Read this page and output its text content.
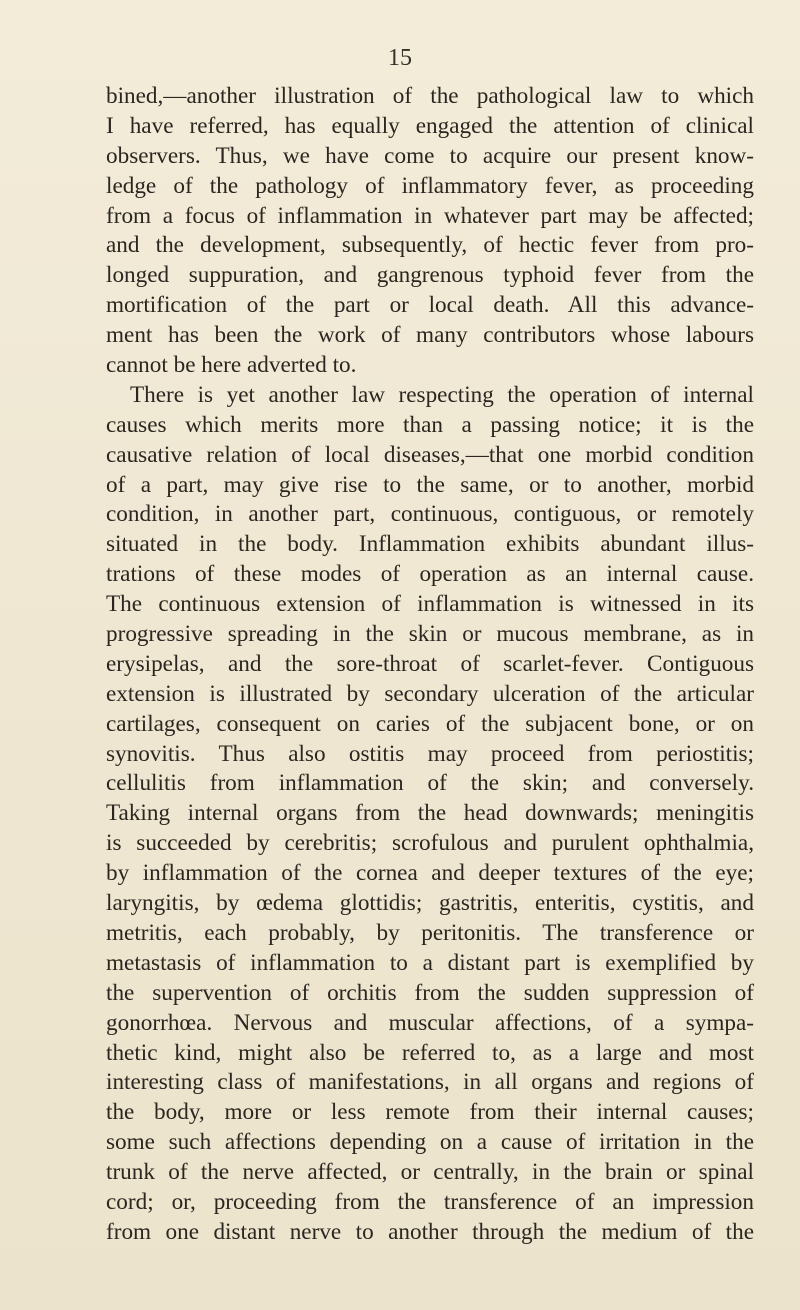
15
bined,—another illustration of the pathological law to which
I have referred, has equally engaged the attention of clinical
observers. Thus, we have come to acquire our present know-
ledge of the pathology of inflammatory fever, as proceeding
from a focus of inflammation in whatever part may be affected;
and the development, subsequently, of hectic fever from pro-
longed suppuration, and gangrenous typhoid fever from the
mortification of the part or local death. All this advance-
ment has been the work of many contributors whose labours
cannot be here adverted to.
There is yet another law respecting the operation of internal
causes which merits more than a passing notice; it is the
causative relation of local diseases,—that one morbid condition
of a part, may give rise to the same, or to another, morbid
condition, in another part, continuous, contiguous, or remotely
situated in the body. Inflammation exhibits abundant illus-
trations of these modes of operation as an internal cause.
The continuous extension of inflammation is witnessed in its
progressive spreading in the skin or mucous membrane, as in
erysipelas, and the sore-throat of scarlet-fever. Contiguous
extension is illustrated by secondary ulceration of the articular
cartilages, consequent on caries of the subjacent bone, or on
synovitis. Thus also ostitis may proceed from periostitis;
cellulitis from inflammation of the skin; and conversely.
Taking internal organs from the head downwards; meningitis
is succeeded by cerebritis; scrofulous and purulent ophthalmia,
by inflammation of the cornea and deeper textures of the eye;
laryngitis, by œdema glottidis; gastritis, enteritis, cystitis, and
metritis, each probably, by peritonitis. The transference or
metastasis of inflammation to a distant part is exemplified by
the supervention of orchitis from the sudden suppression of
gonorrhœa. Nervous and muscular affections, of a sympa-
thetic kind, might also be referred to, as a large and most
interesting class of manifestations, in all organs and regions of
the body, more or less remote from their internal causes;
some such affections depending on a cause of irritation in the
trunk of the nerve affected, or centrally, in the brain or spinal
cord; or, proceeding from the transference of an impression
from one distant nerve to another through the medium of the
